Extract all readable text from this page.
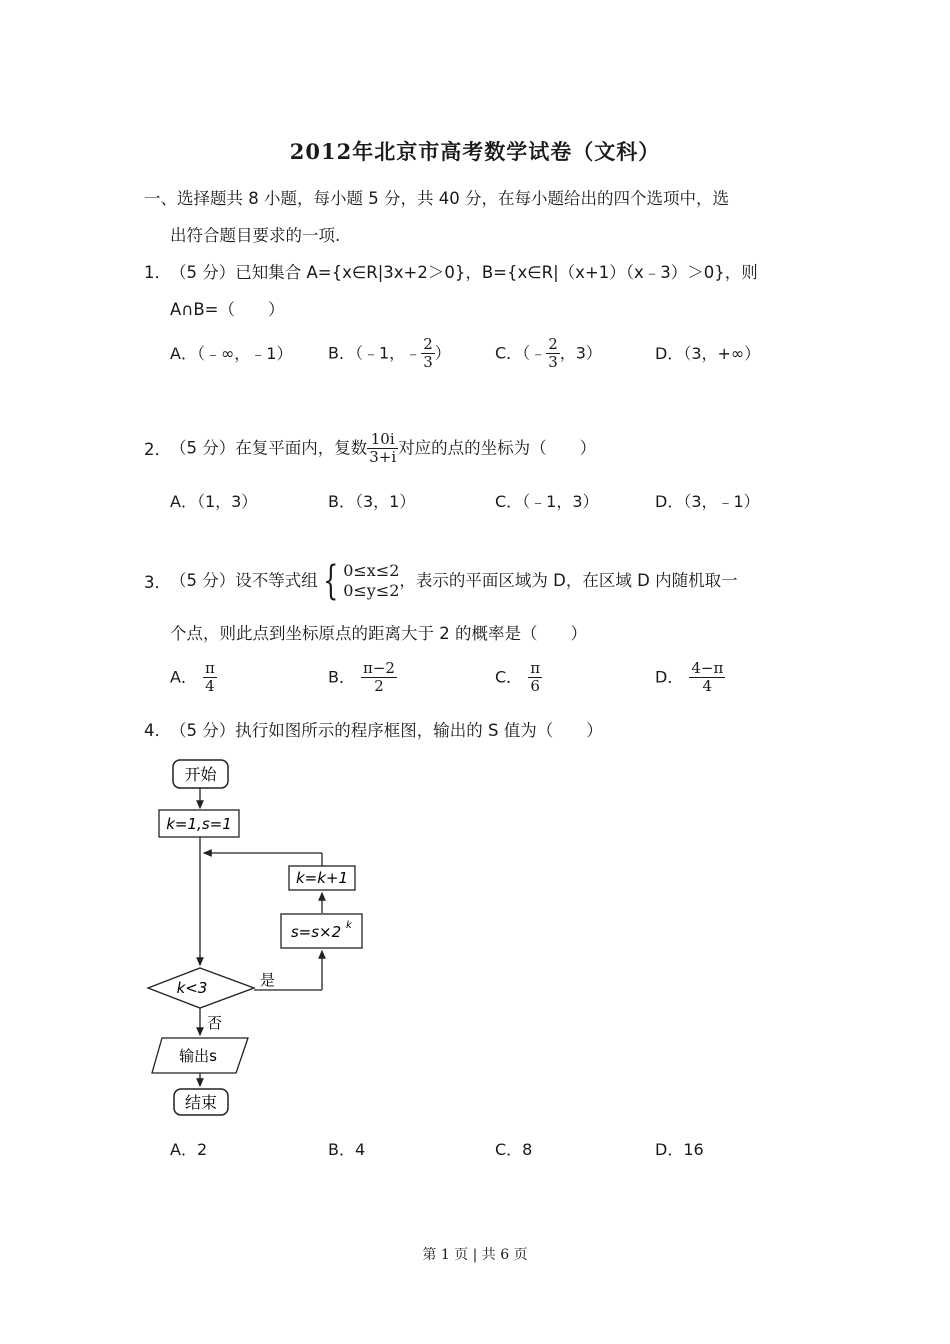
2012年北京市高考数学试卷（文科）
一、选择题共 8 小题，每小题 5 分，共 40 分，在每小题给出的四个选项中，选
出符合题目要求的一项.
1． （5 分）已知集合 A={x∈R|3x+2＞0}，B={x∈R|（x+1）（x﹣3）＞0}，则
A∩B=（　　）
A．（﹣∞，﹣1） B．（﹣1，﹣ $\frac{2}{3}$ ）	C．（﹣ $\frac{2}{3}$ ，3）	D．（3，+∞）
2． （5 分）在复平面内，复数 $\frac{10i}{3+i}$ 对应的点的坐标为（　　）
A．（1，3）	B．（3，1）	C．（﹣1，3）	D．（3，﹣1）
3． （5 分）设不等式组 { 0≤x≤2
0≤y≤2
，表示的平面区域为 D，在区域 D 内随机取一
个点，则此点到坐标原点的距离大于 2 的概率是（　　）
A． $\frac{\pi}{4}$	B． $\frac{\pi-2}{2}$	C． $\frac{\pi}{6}$	D． $\frac{4-\pi}{4}$
4． （5 分）执行如图所示的程序框图，输出的 S 值为（　　）
开始
k=1,s=1
k=k+1
s=s×2 k
k<3	是
否
输出s
结束
A．2	B．4	C．8	D．16
第 1 页 | 共 6 页
